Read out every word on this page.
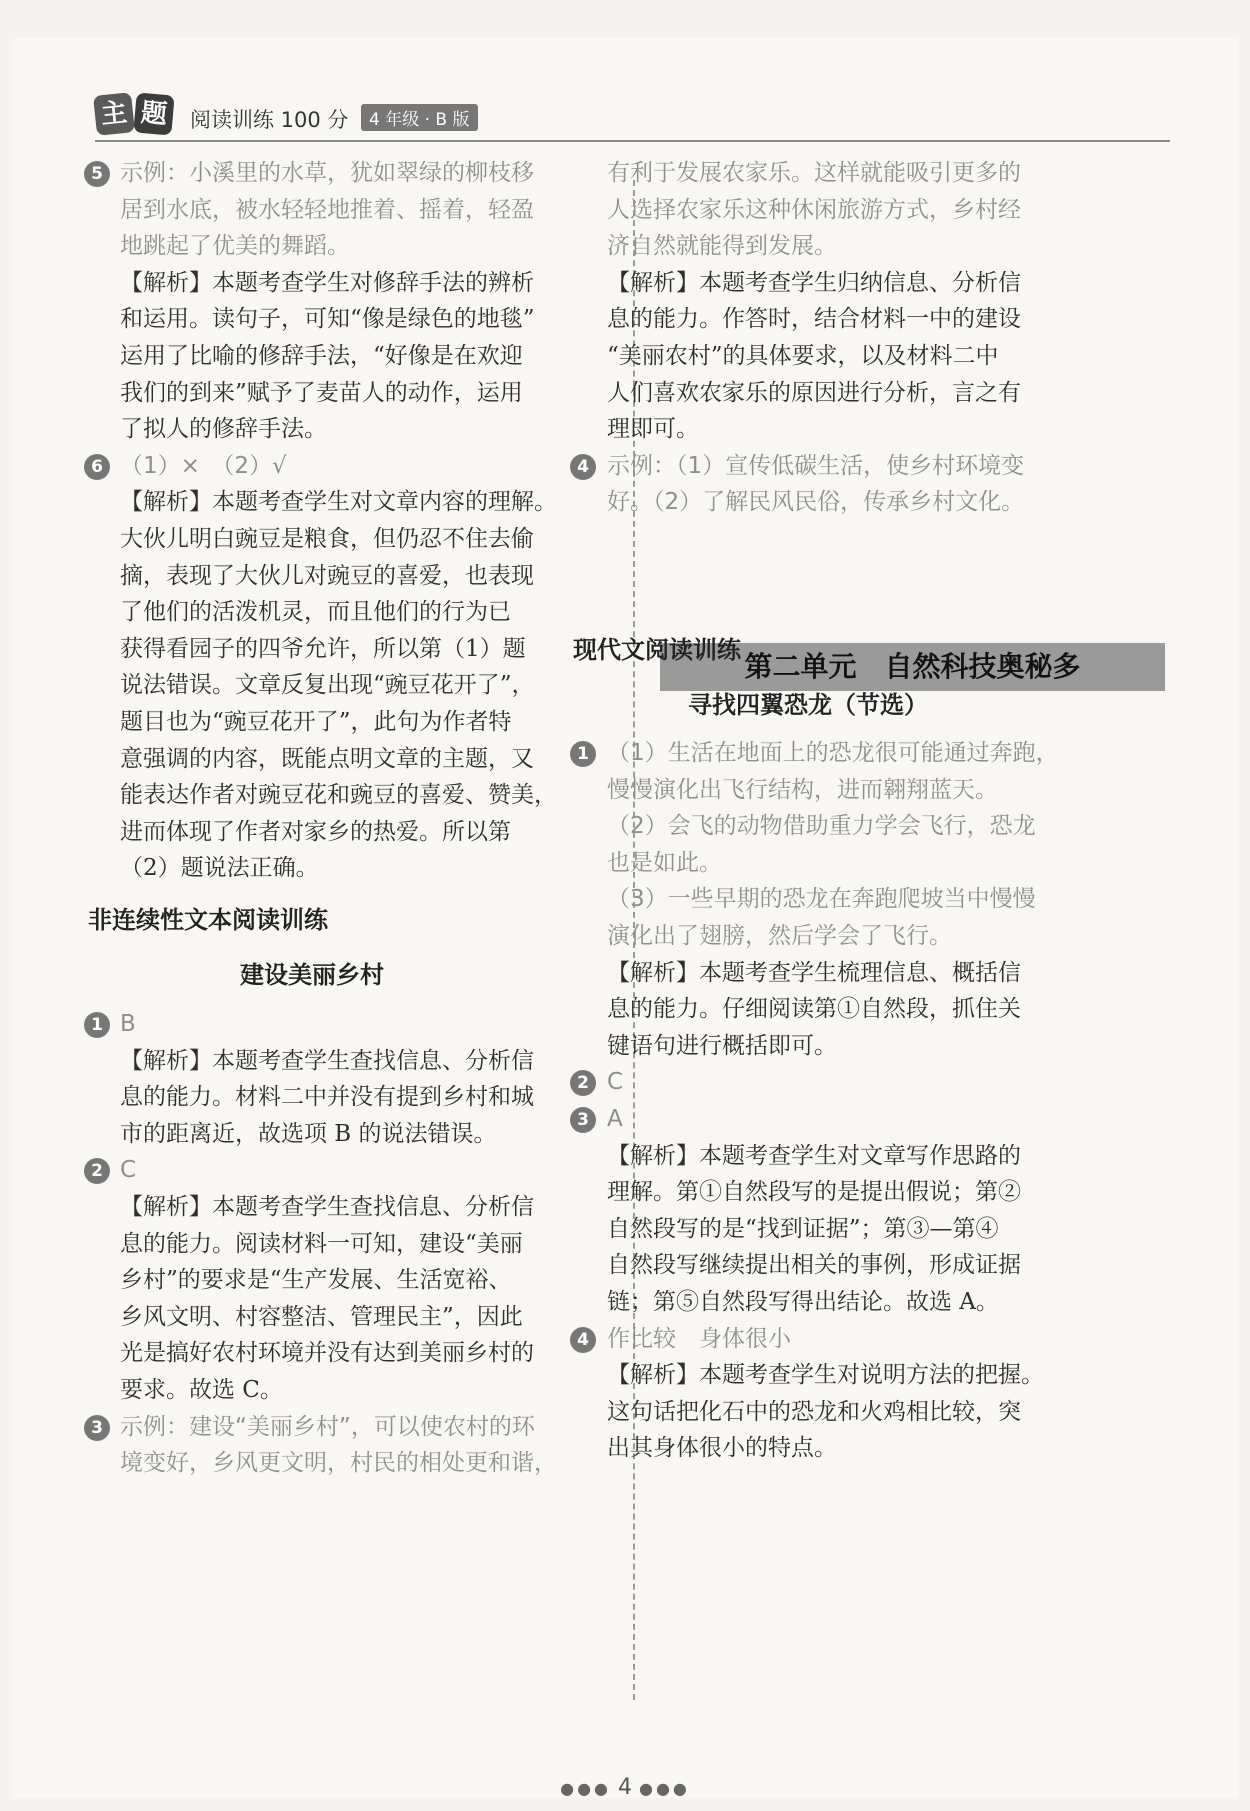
主 题	阅读训练 100 分	4 年级 · B 版
5 示例：小溪里的水草，犹如翠绿的柳枝移
居到水底，被水轻轻地推着、摇着，轻盈
地跳起了优美的舞蹈。
【解析】本题考查学生对修辞手法的辨析
和运用。读句子，可知“像是绿色的地毯”
运用了比喻的修辞手法，“好像是在欢迎
我们的到来”赋予了麦苗人的动作，运用
了拟人的修辞手法。
6 （1）×　（2）√
【解析】本题考查学生对文章内容的理解。
大伙儿明白豌豆是粮食，但仍忍不住去偷
摘，表现了大伙儿对豌豆的喜爱，也表现
了他们的活泼机灵，而且他们的行为已
获得看园子的四爷允许，所以第（1）题
说法错误。文章反复出现“豌豆花开了”，
题目也为“豌豆花开了”，此句为作者特
意强调的内容，既能点明文章的主题，又
能表达作者对豌豆花和豌豆的喜爱、赞美，
进而体现了作者对家乡的热爱。所以第
（2）题说法正确。
1 B
【解析】本题考查学生查找信息、分析信
息的能力。材料二中并没有提到乡村和城
市的距离近，故选项 B 的说法错误。
2 C
【解析】本题考查学生查找信息、分析信
息的能力。阅读材料一可知，建设“美丽
乡村”的要求是“生产发展、生活宽裕、
乡风文明、村容整洁、管理民主”，因此
光是搞好农村环境并没有达到美丽乡村的
要求。故选 C。
3 示例：建设“美丽乡村”，可以使农村的环
境变好，乡风更文明，村民的相处更和谐，
非连续性文本阅读训练
建设美丽乡村
有利于发展农家乐。这样就能吸引更多的
人选择农家乐这种休闲旅游方式，乡村经
济自然就能得到发展。
【解析】本题考查学生归纳信息、分析信
息的能力。作答时，结合材料一中的建设
“美丽农村”的具体要求，以及材料二中
人们喜欢农家乐的原因进行分析，言之有
理即可。
4 示例：（1）宣传低碳生活，使乡村环境变
好。（2）了解民风民俗，传承乡村文化。
第二单元　自然科技奥秘多
现代文阅读训练
寻找四翼恐龙（节选）
1 （1）生活在地面上的恐龙很可能通过奔跑，
慢慢演化出飞行结构，进而翱翔蓝天。
（2）会飞的动物借助重力学会飞行，恐龙
也是如此。
（3）一些早期的恐龙在奔跑爬坡当中慢慢
演化出了翅膀，然后学会了飞行。
【解析】本题考查学生梳理信息、概括信
息的能力。仔细阅读第①自然段，抓住关
键语句进行概括即可。
2 C
3 A
【解析】本题考查学生对文章写作思路的
理解。第①自然段写的是提出假说；第②
自然段写的是“找到证据”；第③—第④
自然段写继续提出相关的事例，形成证据
链；第⑤自然段写得出结论。故选 A。
4 作比较　身体很小
【解析】本题考查学生对说明方法的把握。
这句话把化石中的恐龙和火鸡相比较，突
出其身体很小的特点。
●●● 4 ●●●
